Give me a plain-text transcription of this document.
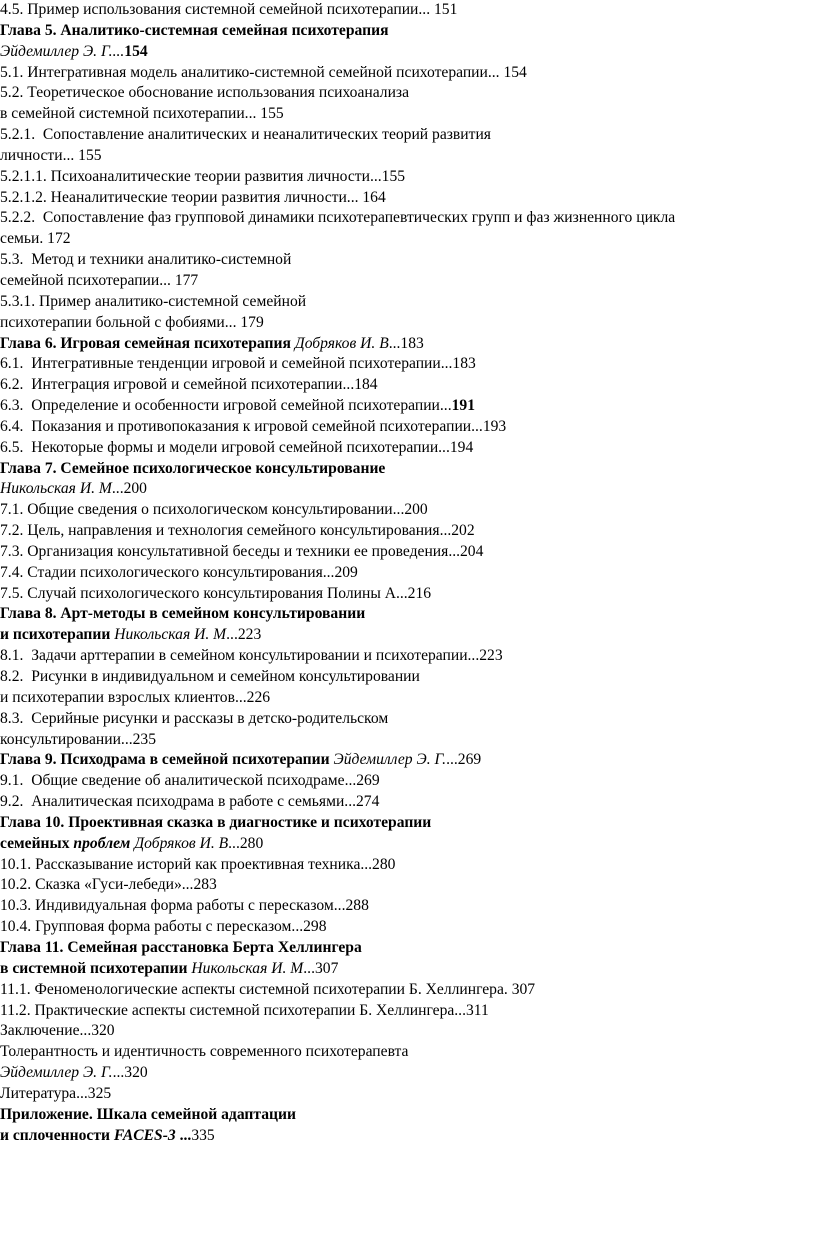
4.5. Пример использования системной семейной психотерапии... 151
Глава 5. Аналитико-системная семейная психотерапия
Эйдемиллер Э. Г....154
5.1. Интегративная модель аналитико-системной семейной психотерапии... 154
5.2. Теоретическое обоснование использования психоанализа
в семейной системной психотерапии... 155
5.2.1.  Сопоставление аналитических и неаналитических теорий развития
личности... 155
5.2.1.1. Психоаналитические теории развития личности...155
5.2.1.2. Неаналитические теории развития личности... 164
5.2.2.  Сопоставление фаз групповой динамики психотерапевтических групп и фаз жизненного цикла
семьи. 172
5.3.  Метод и техники аналитико-системной
семейной психотерапии... 177
5.3.1. Пример аналитико-системной семейной
психотерапии больной с фобиями... 179
Глава 6. Игровая семейная психотерапия Добряков И. В...183
6.1.  Интегративные тенденции игровой и семейной психотерапии...183
6.2.  Интеграция игровой и семейной психотерапии...184
6.3.  Определение и особенности игровой семейной психотерапии...191
6.4.  Показания и противопоказания к игровой семейной психотерапии...193
6.5.  Некоторые формы и модели игровой семейной психотерапии...194
Глава 7. Семейное психологическое консультирование
Никольская И. М...200
7.1. Общие сведения о психологическом консультировании...200
7.2. Цель, направления и технология семейного консультирования...202
7.3. Организация консультативной беседы и техники ее проведения...204
7.4. Стадии психологического консультирования...209
7.5. Случай психологического консультирования Полины А...216
Глава 8. Арт-методы в семейном консультировании
и психотерапии Никольская И. М...223
8.1.  Задачи арттерапии в семейном консультировании и психотерапии...223
8.2.  Рисунки в индивидуальном и семейном консультировании
и психотерапии взрослых клиентов...226
8.3.  Серийные рисунки и рассказы в детско-родительском
консультировании...235
Глава 9. Психодрама в семейной психотерапии Эйдемиллер Э. Г....269
9.1.  Общие сведение об аналитической психодраме...269
9.2.  Аналитическая психодрама в работе с семьями...274
Глава 10. Проективная сказка в диагностике и психотерапии
семейных проблем Добряков И. В...280
10.1. Рассказывание историй как проективная техника...280
10.2. Сказка «Гуси-лебеди»...283
10.3. Индивидуальная форма работы с пересказом...288
10.4. Групповая форма работы с пересказом...298
Глава 11. Семейная расстановка Берта Хеллингера
в системной психотерапии Никольская И. М...307
11.1. Феноменологические аспекты системной психотерапии Б. Хеллингера. 307
11.2. Практические аспекты системной психотерапии Б. Хеллингера...311
Заключение...320
Толерантность и идентичность современного психотерапевта
Эйдемиллер Э. Г....320
Литература...325
Приложение. Шкала семейной адаптации
и сплоченности FACES-3 ...335
